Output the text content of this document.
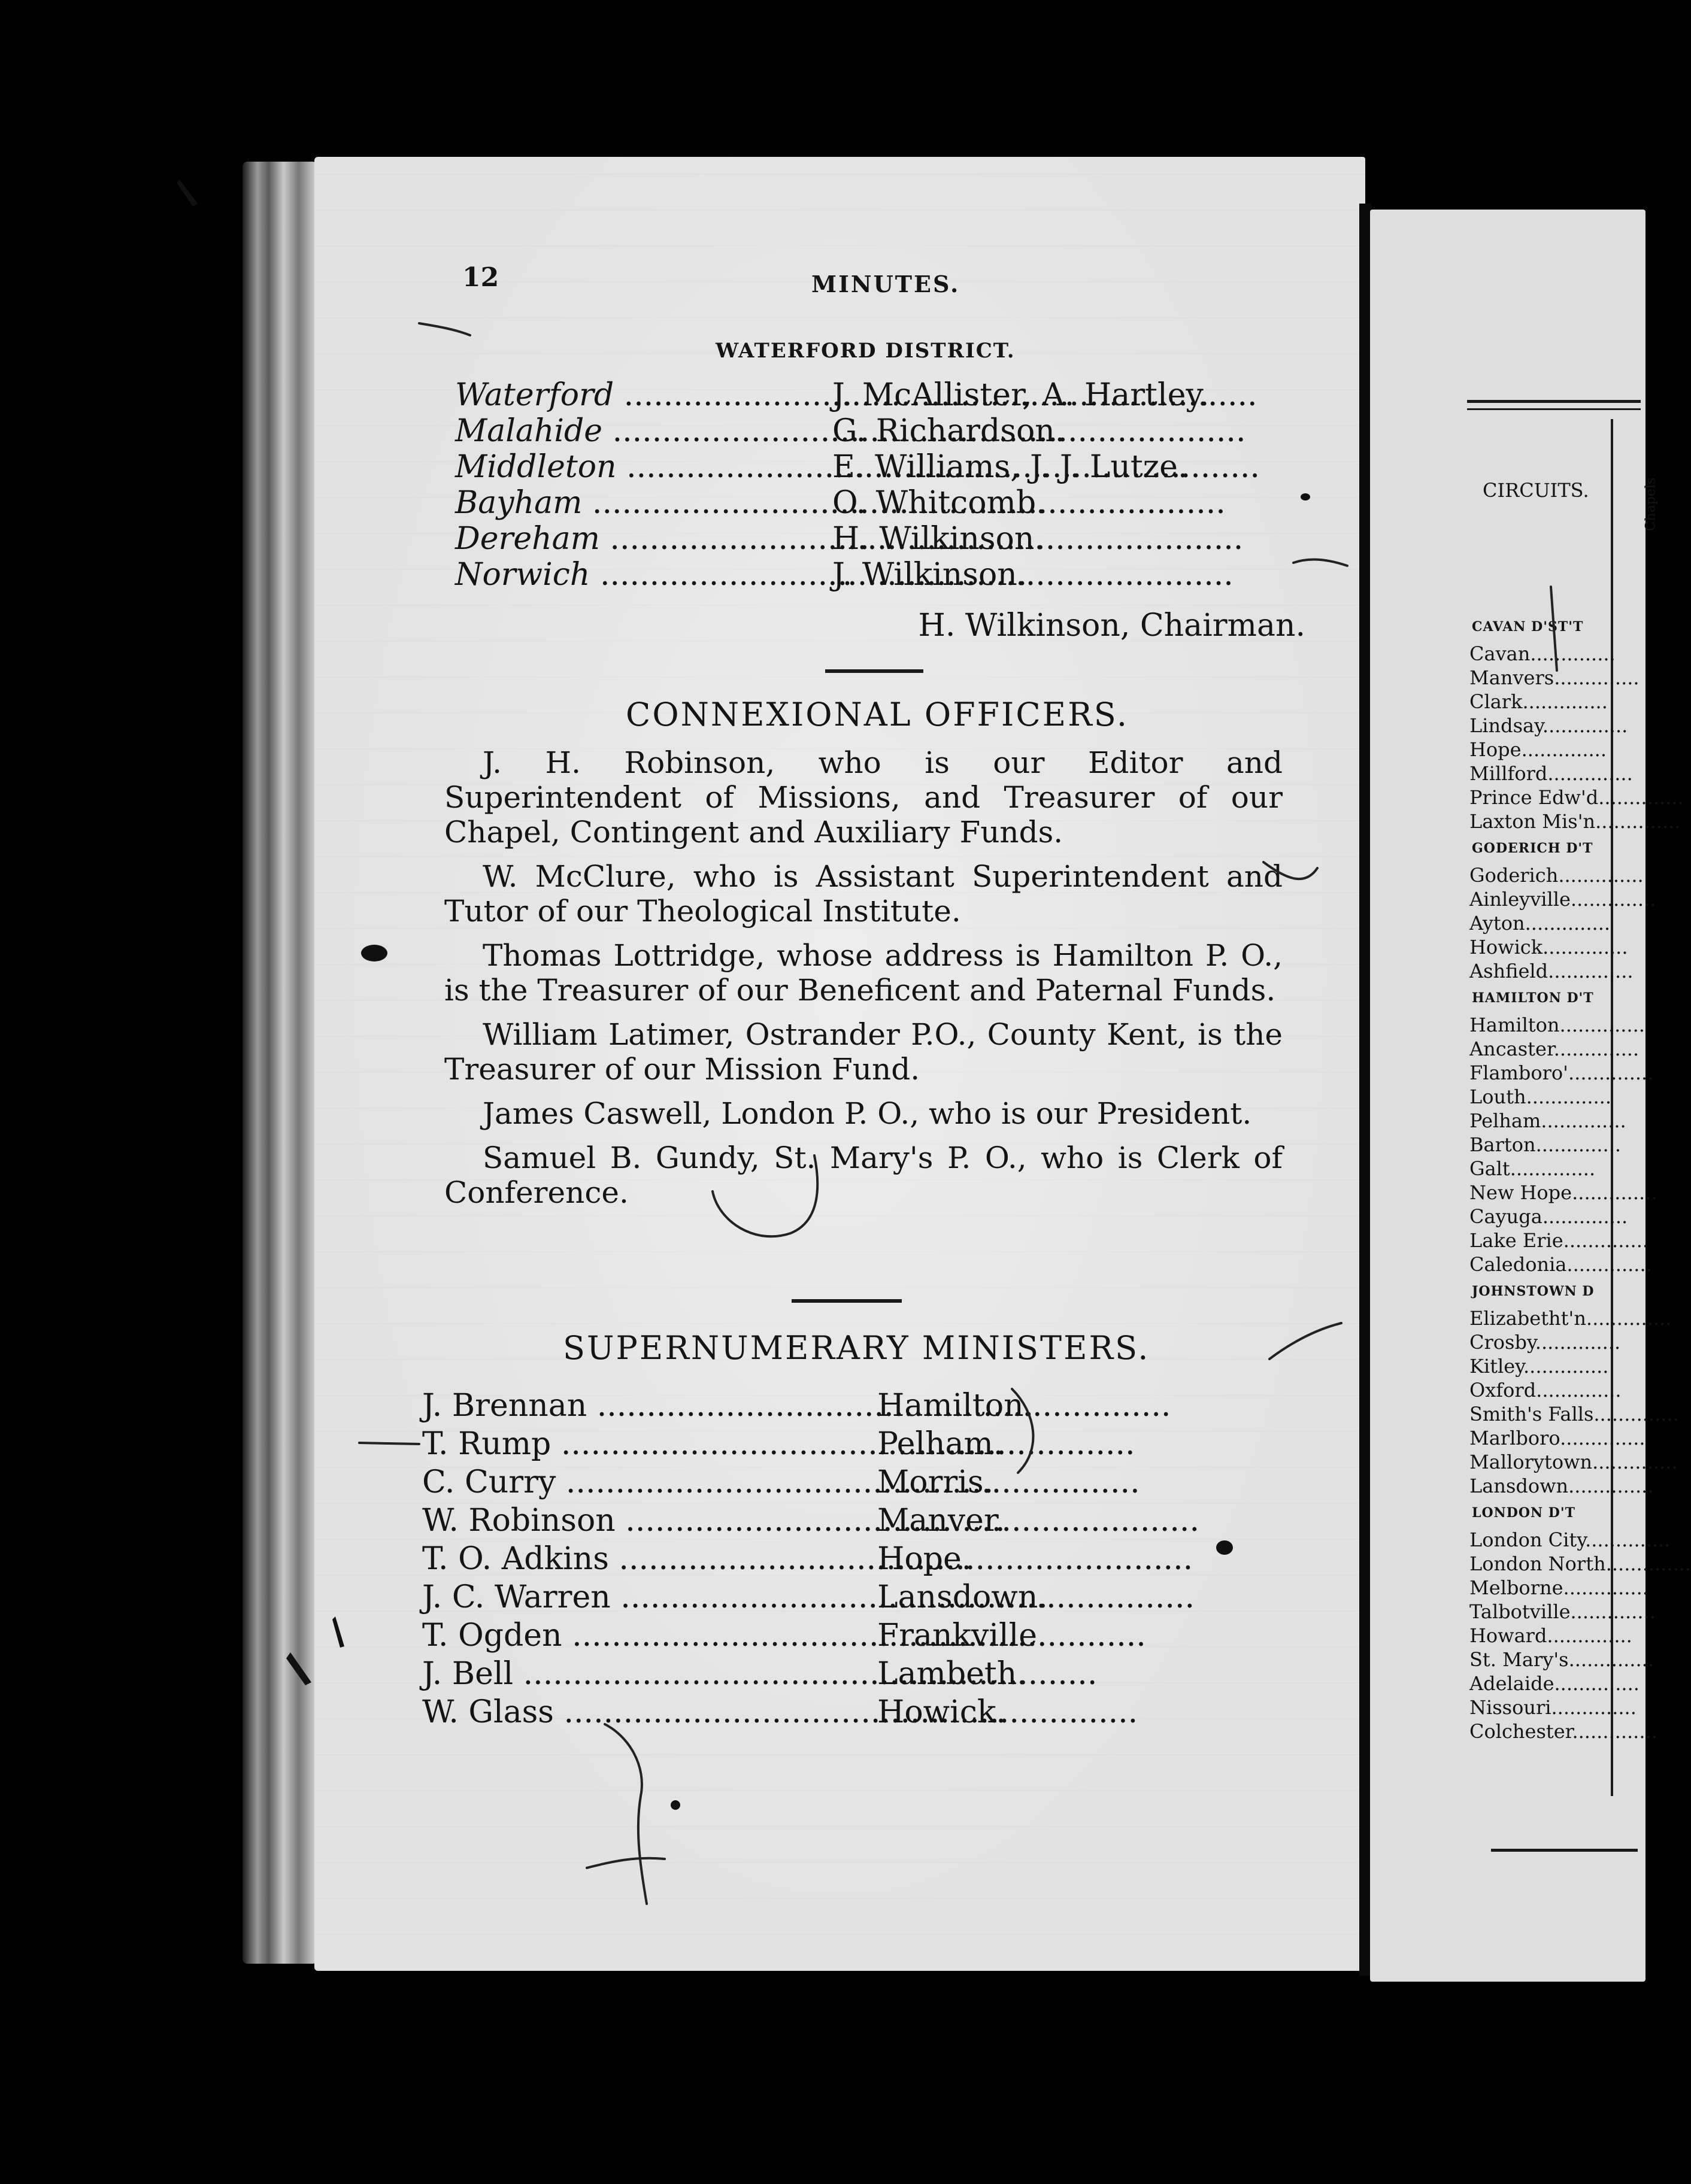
12	MINUTES.

WATERFORD DISTRICT.

Waterford .....	J. McAllister, A. Hartley.
Malahide .....	G. Richardson.
Middleton .....	E. Williams, J. J. Lutze.
Bayham .....	O. Whitcomb.
Dereham .....	H. Wilkinson.
Norwich .....	J. Wilkinson.
H. Wilkinson, Chairman.

CONNEXIONAL OFFICERS.

J. H. Robinson, who is our Editor and Superintendent of Missions, and Treasurer of our Chapel, Contingent and Auxiliary Funds.

W. McClure, who is Assistant Superintendent and Tutor of our Theological Institute.

Thomas Lottridge, whose address is Hamilton P. O., is the Treasurer of our Beneficent and Paternal Funds.

William Latimer, Ostrander P.O., County Kent, is the Treasurer of our Mission Fund.

James Caswell, London P. O., who is our President.

Samuel B. Gundy, St. Mary's P. O., who is Clerk of Conference.

SUPERNUMERARY MINISTERS.

J. Brennan .....	Hamilton.
T. Rump .....	Pelham.
C. Curry .....	Morris.
W. Robinson .....	Manver.
T. O. Adkins .....	Hope.
J. C. Warren .....	Lansdown.
T. Ogden .....	Frankville.
J. Bell .....	Lambeth.
W. Glass .....	Howick.

CIRCUITS.	Chapels

CAVAN D'ST'T
Cavan .....
Manvers .....
Clark .....
Lindsay .....
Hope .....
Millford .....
Prince Edw'd .....
Laxton Mis'n .....
GODERICH D'T
Goderich .....
Ainleyville .....
Ayton .....
Howick .....
Ashfield .....
HAMILTON D'T
Hamilton .....
Ancaster .....
Flamboro' .....
Louth .....
Pelham .....
Barton .....
Galt .....
New Hope .....
Cayuga .....
Lake Erie .....
Caledonia .....
JOHNSTOWN D
Elizabetht'n .....
Crosby .....
Kitley .....
Oxford .....
Smith's Falls .....
Marlboro .....
Mallorytown .....
Lansdown .....
LONDON D'T
London City .....
London North .....
Melborne .....
Talbotville .....
Howard .....
St. Mary's .....
Adelaide .....
Nissouri .....
Colchester .....
